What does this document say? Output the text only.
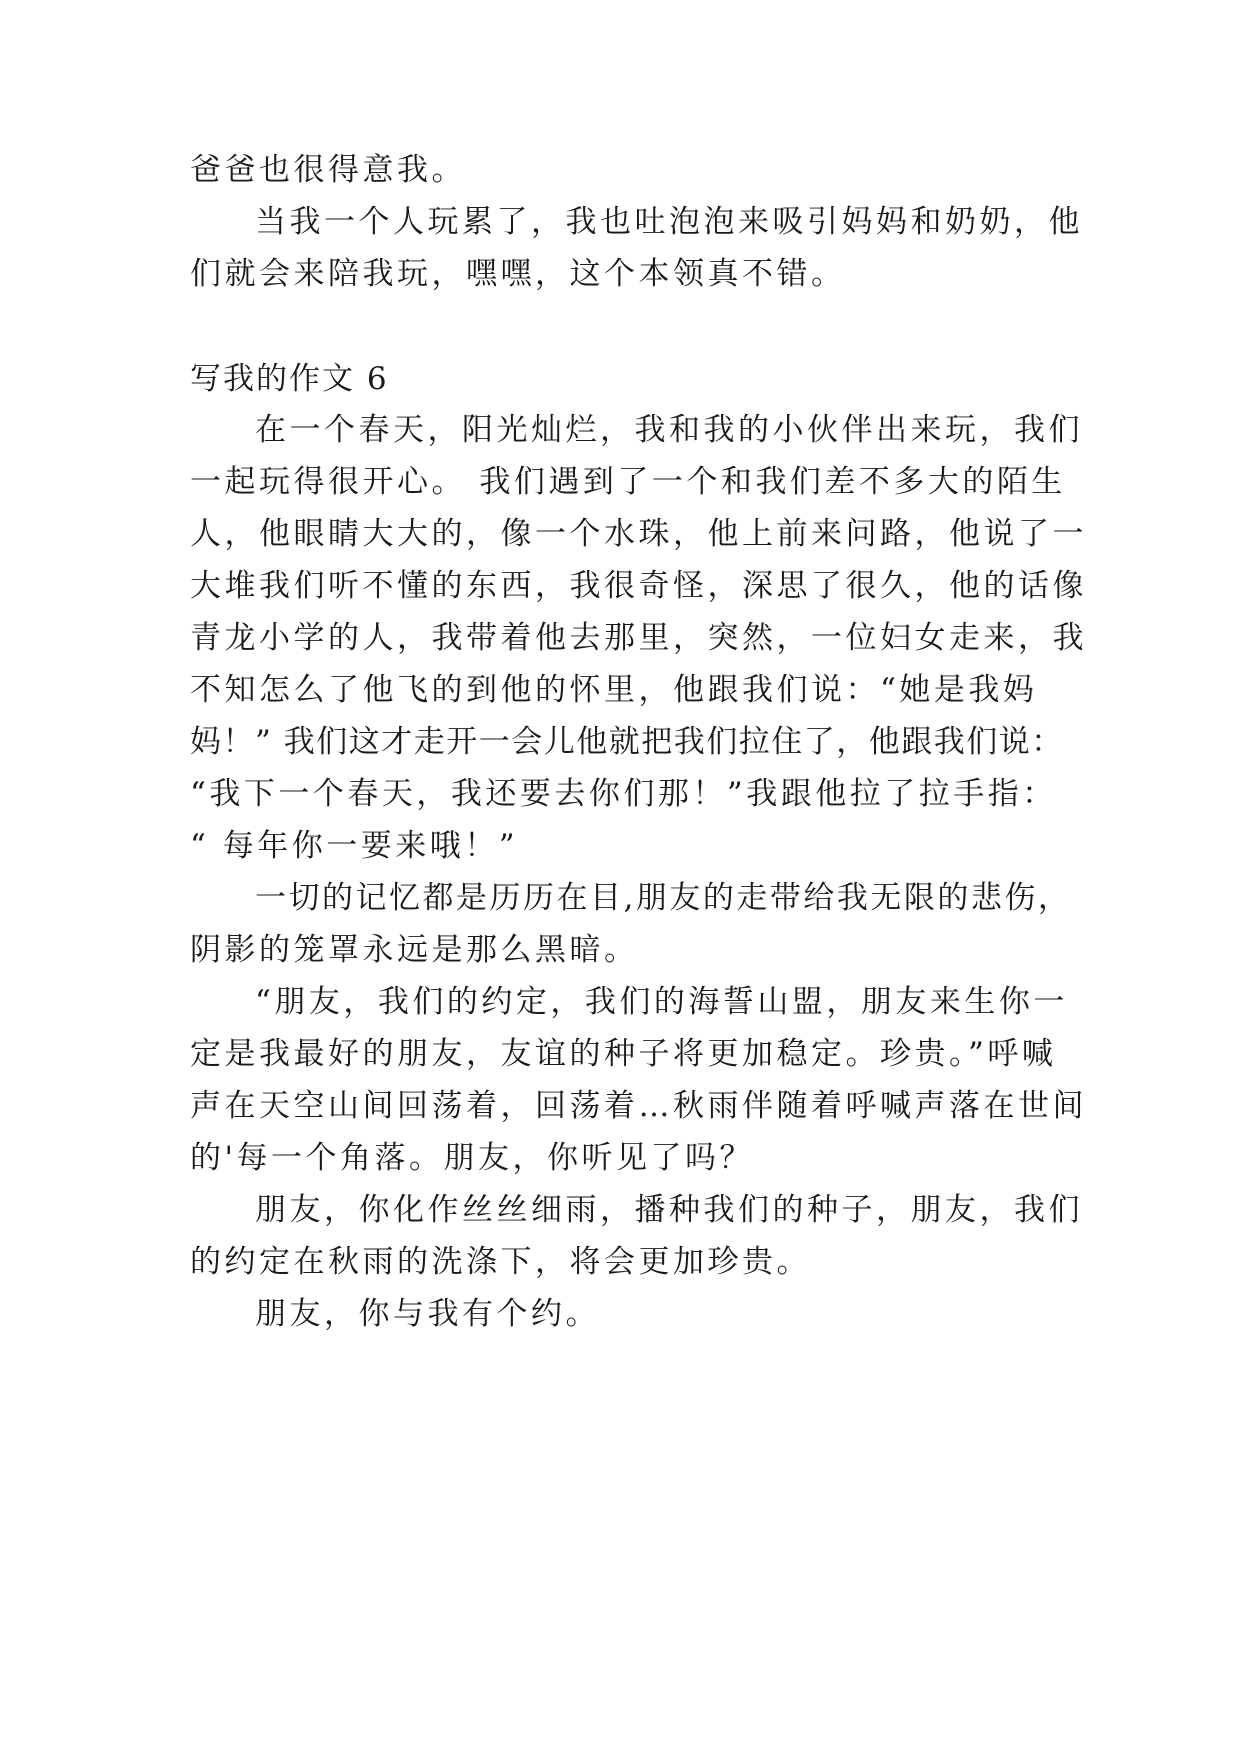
爸爸也很得意我。
当我一个人玩累了，我也吐泡泡来吸引妈妈和奶奶，他
们就会来陪我玩，嘿嘿，这个本领真不错。
写我的作文 6
在一个春天，阳光灿烂，我和我的小伙伴出来玩，我们
一起玩得很开心。 我们遇到了一个和我们差不多大的陌生
人，他眼睛大大的，像一个水珠，他上前来问路，他说了一
大堆我们听不懂的东西，我很奇怪，深思了很久，他的话像
青龙小学的人，我带着他去那里，突然，一位妇女走来，我
不知怎么了他飞的到他的怀里，他跟我们说：“她是我妈
妈！” 我们这才走开一会儿他就把我们拉住了，他跟我们说：
“我下一个春天，我还要去你们那！”我跟他拉了拉手指：
“ 每年你一要来哦！”
一切的记忆都是历历在目,朋友的走带给我无限的悲伤，
阴影的笼罩永远是那么黑暗。
“朋友，我们的约定，我们的海誓山盟，朋友来生你一
定是我最好的朋友，友谊的种子将更加稳定。珍贵。”呼喊
声在天空山间回荡着，回荡着…秋雨伴随着呼喊声落在世间
的'每一个角落。朋友，你听见了吗？
朋友，你化作丝丝细雨，播种我们的种子，朋友，我们
的约定在秋雨的洗涤下，将会更加珍贵。
朋友，你与我有个约。
